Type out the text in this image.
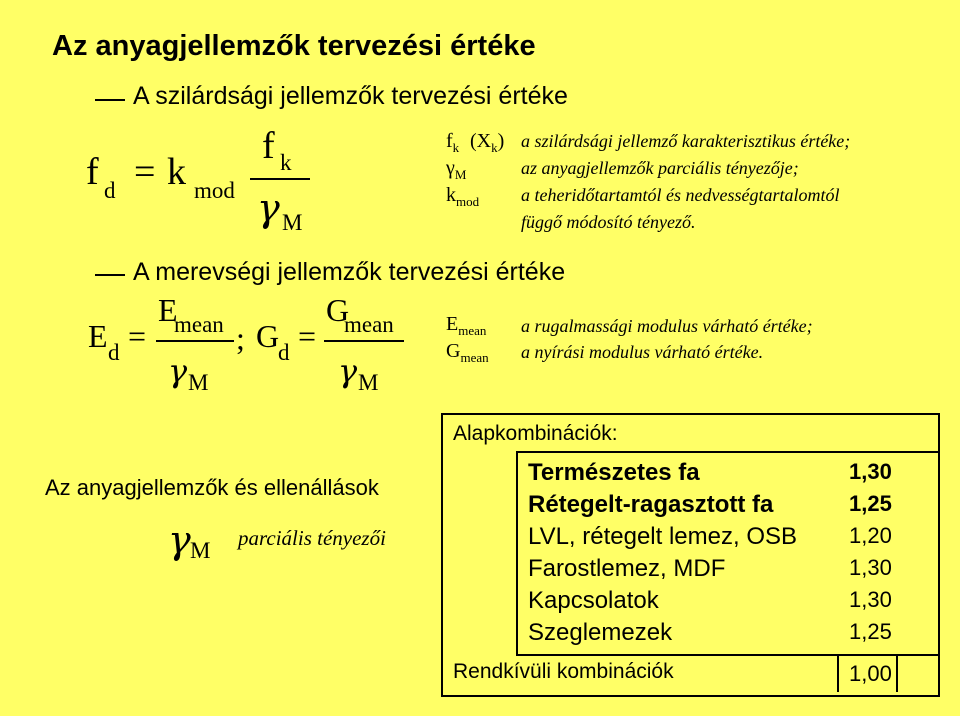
Az anyagjellemzők tervezési értéke
A szilárdsági jellemzők tervezési értéke
f d = k mod
f k
γ M
$f_k$ $(X_k)$ a szilárdsági jellemző karakterisztikus értéke;
$\gamma_M$	az anyagjellemzők parciális tényezője;
$k_{mod}$ a teheridőtartamtól és nedvességtartalomtól
függő módosító tényező.
A merevségi jellemzők tervezési értéke
E d =
E
mean
γ M
; G
d =
G
mean
γ M
$E_{mean}$ a rugalmassági modulus várható értéke;
$G_{mean}$ a nyírási modulus várható értéke.
Az anyagjellemzők és ellenállások
γ M parciális tényezői
Alapkombinációk:
Természetes fa	1,30
Rétegelt-ragasztott fa	1,25
LVL, rétegelt lemez, OSB 1,20
Farostlemez, MDF	1,30
Kapcsolatok	1,30
Szeglemezek	1,25
Rendkívüli kombinációk	1,00
